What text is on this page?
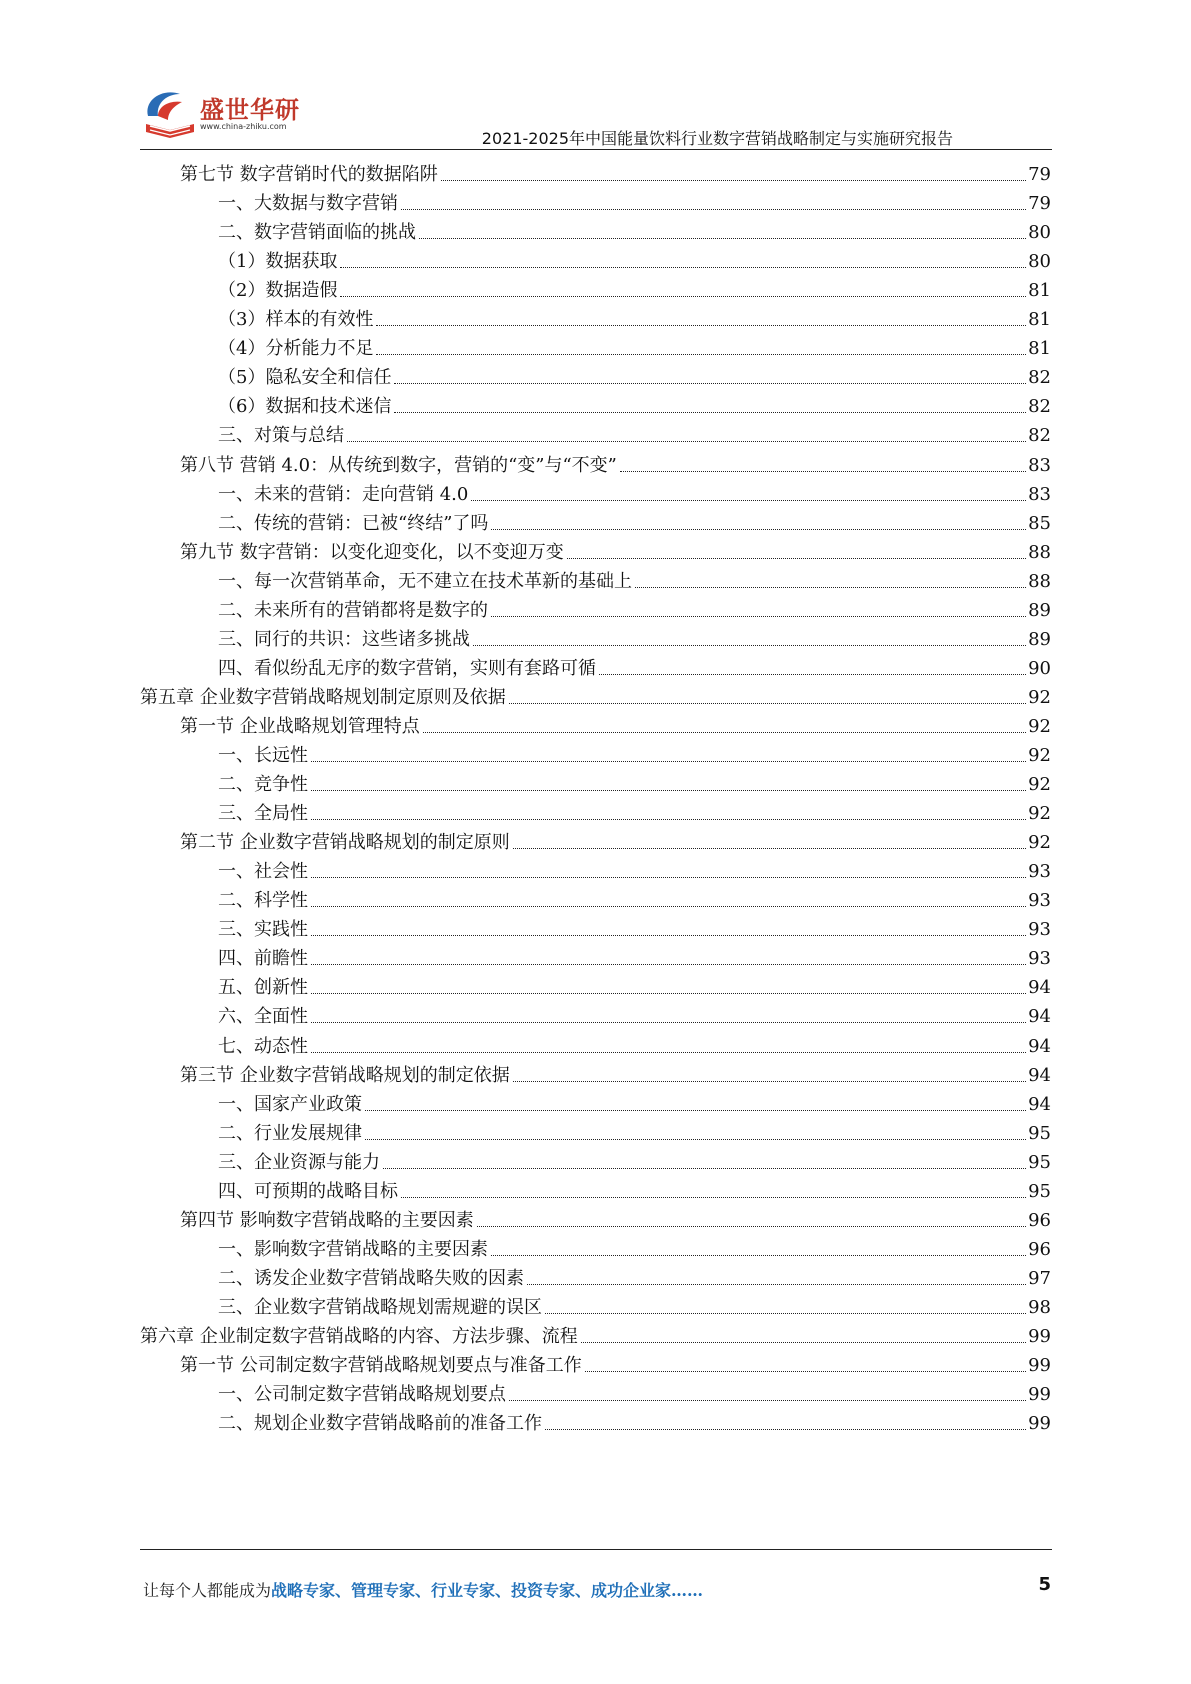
盛世华研
www.china-zhiku.com
2021-2025年中国能量饮料行业数字营销战略制定与实施研究报告
第七节 数字营销时代的数据陷阱	79
一、大数据与数字营销	79
二、数字营销面临的挑战	80
（1）数据获取	80
（2）数据造假	81
（3）样本的有效性	81
（4）分析能力不足	81
（5）隐私安全和信任	82
（6）数据和技术迷信	82
三、对策与总结	82
第八节 营销 4.0：从传统到数字，营销的“变”与“不变”	83
一、未来的营销：走向营销 4.0	83
二、传统的营销：已被“终结”了吗	85
第九节 数字营销：以变化迎变化，以不变迎万变	88
一、每一次营销革命，无不建立在技术革新的基础上	88
二、未来所有的营销都将是数字的	89
三、同行的共识：这些诸多挑战	89
四、看似纷乱无序的数字营销，实则有套路可循	90
第五章 企业数字营销战略规划制定原则及依据	92
第一节 企业战略规划管理特点	92
一、长远性	92
二、竞争性	92
三、全局性	92
第二节 企业数字营销战略规划的制定原则	92
一、社会性	93
二、科学性	93
三、实践性	93
四、前瞻性	93
五、创新性	94
六、全面性	94
七、动态性	94
第三节 企业数字营销战略规划的制定依据	94
一、国家产业政策	94
二、行业发展规律	95
三、企业资源与能力	95
四、可预期的战略目标	95
第四节 影响数字营销战略的主要因素	96
一、影响数字营销战略的主要因素	96
二、诱发企业数字营销战略失败的因素	97
三、企业数字营销战略规划需规避的误区	98
第六章 企业制定数字营销战略的内容、方法步骤、流程	99
第一节 公司制定数字营销战略规划要点与准备工作	99
一、公司制定数字营销战略规划要点	99
二、规划企业数字营销战略前的准备工作	99
让每个人都能成为战略专家、管理专家、行业专家、投资专家、成功企业家……	5
